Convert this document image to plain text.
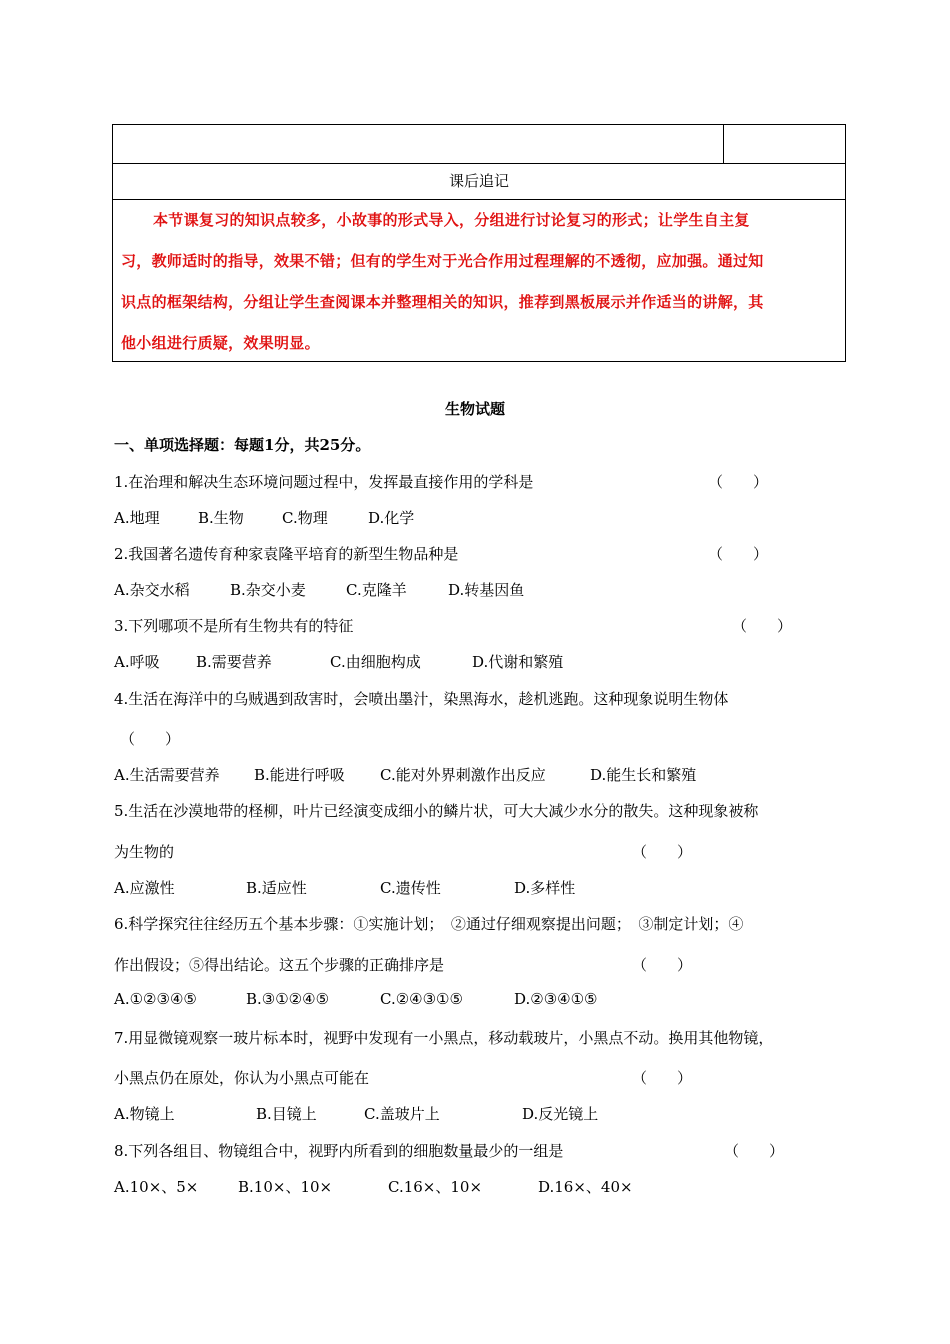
课后追记

本节课复习的知识点较多，小故事的形式导入，分组进行讨论复习的形式；让学生自主复

习，教师适时的指导，效果不错；但有的学生对于光合作用过程理解的不透彻，应加强。通过知

识点的框架结构，分组让学生查阅课本并整理相关的知识，推荐到黑板展示并作适当的讲解，其

他小组进行质疑，效果明显。

生物试题
一、单项选择题：每题1分，共25分。
1.在治理和解决生态环境问题过程中，发挥最直接作用的学科是	（　　）
A.地理	B.生物	C.物理	D.化学
2.我国著名遗传育种家袁隆平培育的新型生物品种是	（　　）
A.杂交水稻	B.杂交小麦	C.克隆羊	D.转基因鱼
3.下列哪项不是所有生物共有的特征	（　　）
A.呼吸 B.需要营养	C.由细胞构成	D.代谢和繁殖
4.生活在海洋中的乌贼遇到敌害时，会喷出墨汁，染黑海水，趁机逃跑。这种现象说明生物体
（　　）
A.生活需要营养 B.能进行呼吸 C.能对外界刺激作出反应	D.能生长和繁殖
5.生活在沙漠地带的柽柳，叶片已经演变成细小的鳞片状，可大大减少水分的散失。这种现象被称
为生物的	（　　）
A.应激性	B.适应性	C.遗传性	D.多样性
6.科学探究往往经历五个基本步骤：①实施计划；　②通过仔细观察提出问题；　③制定计划；④
作出假设；⑤得出结论。这五个步骤的正确排序是	（　　）
A.①②③④⑤	B.③①②④⑤	C.②④③①⑤	D.②③④①⑤
7.用显微镜观察一玻片标本时，视野中发现有一小黑点，移动载玻片，小黑点不动。换用其他物镜，
小黑点仍在原处，你认为小黑点可能在	（　　）
A.物镜上	B.目镜上	C.盖玻片上	D.反光镜上
8.下列各组目、物镜组合中，视野内所看到的细胞数量最少的一组是	（　　）
A.10×、5×	B.10×、10×	C.16×、10×	D.16×、40×
